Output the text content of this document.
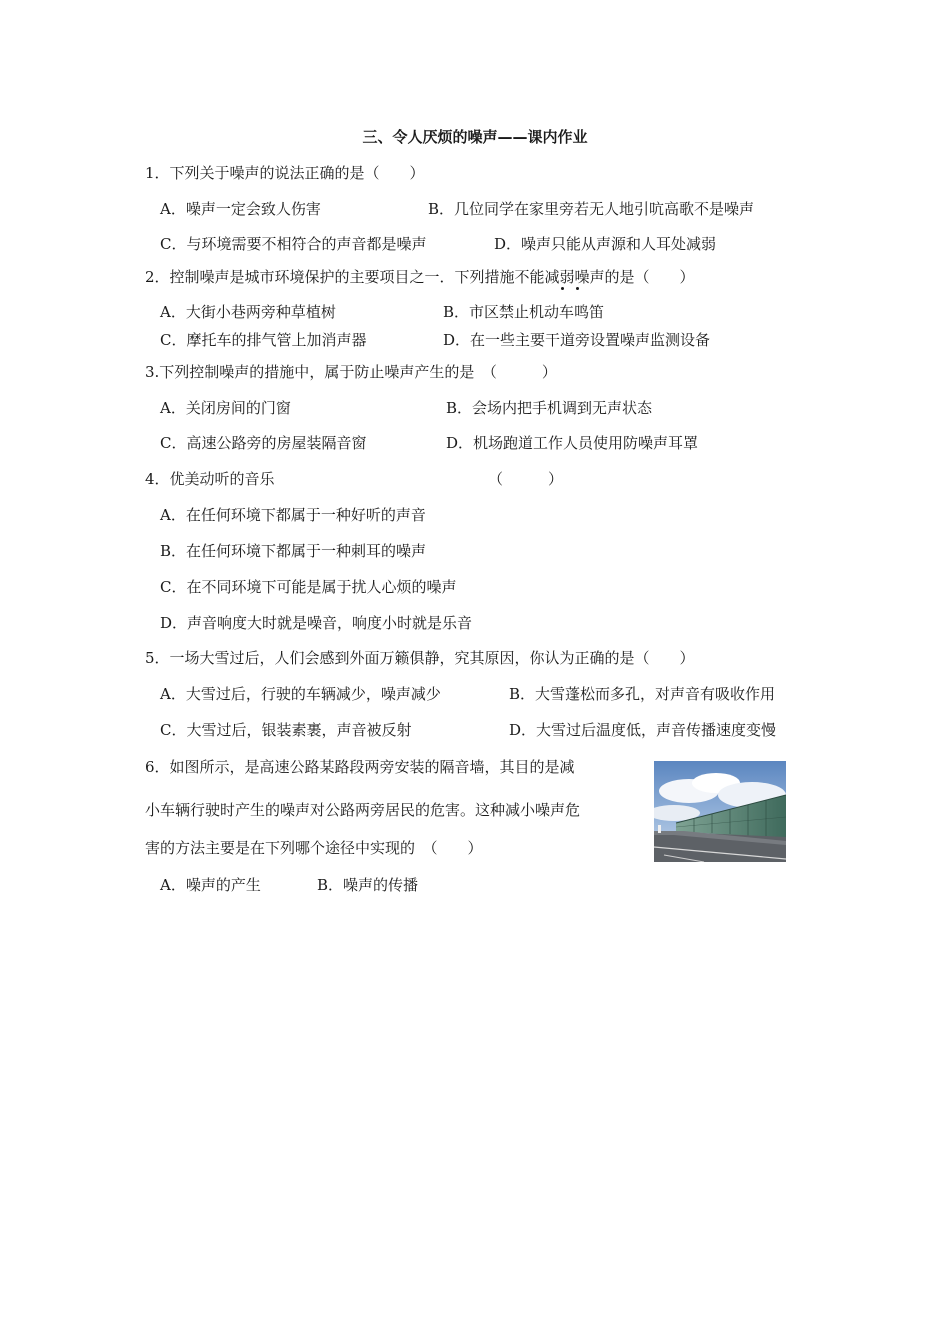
三、令人厌烦的噪声——课内作业
1．下列关于噪声的说法正确的是（　　）
A．噪声一定会致人伤害	B．几位同学在家里旁若无人地引吭高歌不是噪声
C．与环境需要不相符合的声音都是噪声	D．噪声只能从声源和人耳处减弱
2．控制噪声是城市环境保护的主要项目之一．下列措施不能减弱噪声的是（　　）
A．大街小巷两旁种草植树	B．市区禁止机动车鸣笛
C．摩托车的排气管上加消声器	D．在一些主要干道旁设置噪声监测设备
3.下列控制噪声的措施中，属于防止噪声产生的是　（　　　）
A．关闭房间的门窗	B．会场内把手机调到无声状态
C．高速公路旁的房屋装隔音窗	D．机场跑道工作人员使用防噪声耳罩
4．优美动听的音乐	（　　　）
A．在任何环境下都属于一种好听的声音
B．在任何环境下都属于一种刺耳的噪声
C．在不同环境下可能是属于扰人心烦的噪声
D．声音响度大时就是噪音，响度小时就是乐音
5．一场大雪过后，人们会感到外面万籁俱静，究其原因，你认为正确的是（　　）
A．大雪过后，行驶的车辆减少，噪声减少	B．大雪蓬松而多孔，对声音有吸收作用
C．大雪过后，银装素裹，声音被反射	D．大雪过后温度低，声音传播速度变慢
6．如图所示，是高速公路某路段两旁安装的隔音墙，其目的是减
小车辆行驶时产生的噪声对公路两旁居民的危害。这种减小噪声危
害的方法主要是在下列哪个途径中实现的　（　　）
A．噪声的产生	B．噪声的传播
